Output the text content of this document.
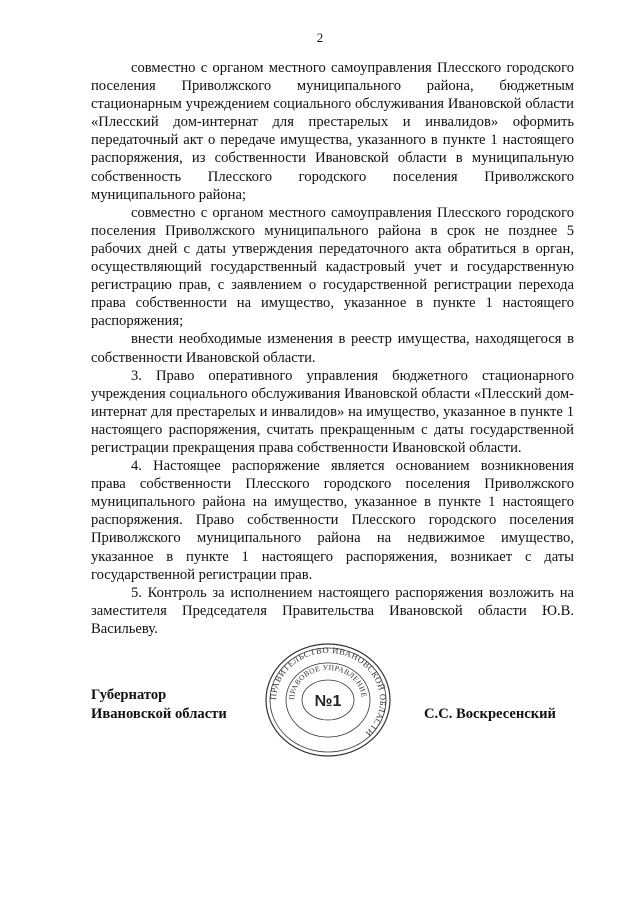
2

совместно с органом местного самоуправления Плесского городского поселения Приволжского муниципального района, бюджетным стационарным учреждением социального обслуживания Ивановской области «Плесский дом-интернат для престарелых и инвалидов» оформить передаточный акт о передаче имущества, указанного в пункте 1 настоящего распоряжения, из собственности Ивановской области в муниципальную собственность Плесского городского поселения Приволжского муниципального района;

совместно с органом местного самоуправления Плесского городского поселения Приволжского муниципального района в срок не позднее 5 рабочих дней с даты утверждения передаточного акта обратиться в орган, осуществляющий государственный кадастровый учет и государственную регистрацию прав, с заявлением о государственной регистрации перехода права собственности на имущество, указанное в пункте 1 настоящего распоряжения;

внести необходимые изменения в реестр имущества, находящегося в собственности Ивановской области.

3. Право оперативного управления бюджетного стационарного учреждения социального обслуживания Ивановской области «Плесский дом-интернат для престарелых и инвалидов» на имущество, указанное в пункте 1 настоящего распоряжения, считать прекращенным с даты государственной регистрации прекращения права собственности Ивановской области.

4. Настоящее распоряжение является основанием возникновения права собственности Плесского городского поселения Приволжского муниципального района на имущество, указанное в пункте 1 настоящего распоряжения. Право собственности Плесского городского поселения Приволжского муниципального района на недвижимое имущество, указанное в пункте 1 настоящего распоряжения, возникает с даты государственной регистрации прав.

5. Контроль за исполнением настоящего распоряжения возложить на заместителя Председателя Правительства Ивановской области Ю.В. Васильеву.

Губернатор
Ивановской области	С.С. Воскресенский
ПРАВИТЕЛЬСТВО ИВАНОВСКОЙ ОБЛАСТИ
ПРАВОВОЕ УПРАВЛЕНИЕ
№1
